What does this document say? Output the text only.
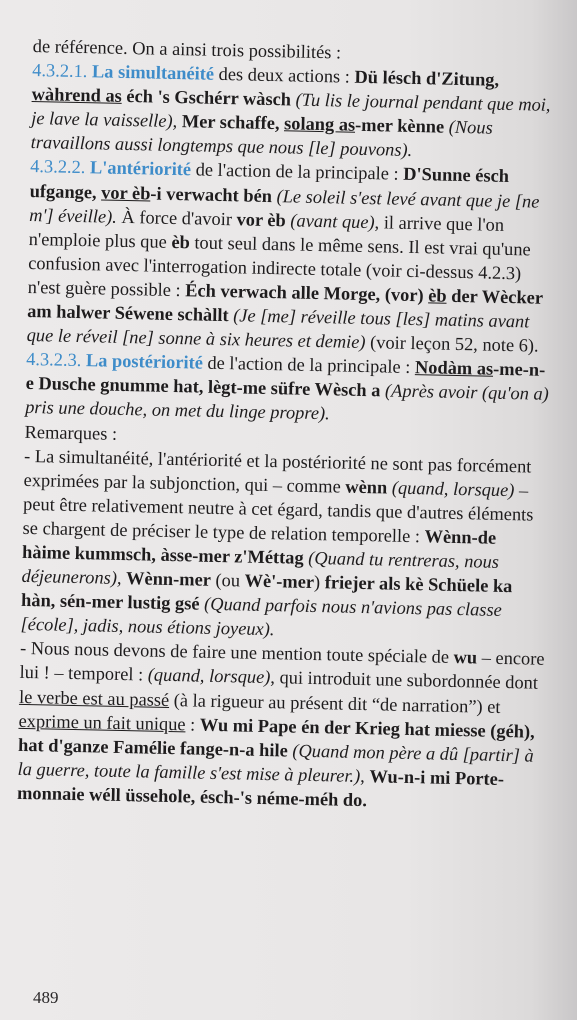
de référence. On a ainsi trois possibilités :

4.3.2.1. La simultanéité des deux actions : Dü lésch d'Zitung, wàhrend as éch 's Gschérr wàsch (Tu lis le journal pendant que moi, je lave la vaisselle), Mer schaffe, solang as-mer kènne (Nous travaillons aussi longtemps que nous [le] pouvons).

4.3.2.2. L'antériorité de l'action de la principale : D'Sunne ésch ufgange, vor èb-i verwacht bén (Le soleil s'est levé avant que je [ne m'] éveille). À force d'avoir vor èb (avant que), il arrive que l'on n'emploie plus que èb tout seul dans le même sens. Il est vrai qu'une confusion avec l'interrogation indirecte totale (voir ci-dessus 4.2.3) n'est guère possible : Éch verwach alle Morge, (vor) èb der Wècker am halwer Séwene schàllt (Je [me] réveille tous [les] matins avant que le réveil [ne] sonne à six heures et demie) (voir leçon 52, note 6).

4.3.2.3. La postériorité de l'action de la principale : Nodàm as-me-n-e Dusche gnumme hat, lègt-me süfre Wèsch a (Après avoir (qu'on a) pris une douche, on met du linge propre).

Remarques :

- La simultanéité, l'antériorité et la postériorité ne sont pas forcément exprimées par la subjonction, qui – comme wènn (quand, lorsque) – peut être relativement neutre à cet égard, tandis que d'autres éléments se chargent de préciser le type de relation temporelle : Wènn-de hàime kummsch, àsse-mer z'Méttag (Quand tu rentreras, nous déjeunerons), Wènn-mer (ou Wè'-mer) friejer als kè Schüele ka hàn, sén-mer lustig gsé (Quand parfois nous n'avions pas classe [école], jadis, nous étions joyeux).

- Nous nous devons de faire une mention toute spéciale de wu – encore lui ! – temporel : (quand, lorsque), qui introduit une subordonnée dont le verbe est au passé (à la rigueur au présent dit “de narration”) et exprime un fait unique : Wu mi Pape én der Krieg hat miesse (géh), hat d'ganze Famélie fange-n-a hile (Quand mon père a dû [partir] à la guerre, toute la famille s'est mise à pleurer.), Wu-n-i mi Porte-monnaie wéll üssehole, ésch-'s néme-méh do.

489
